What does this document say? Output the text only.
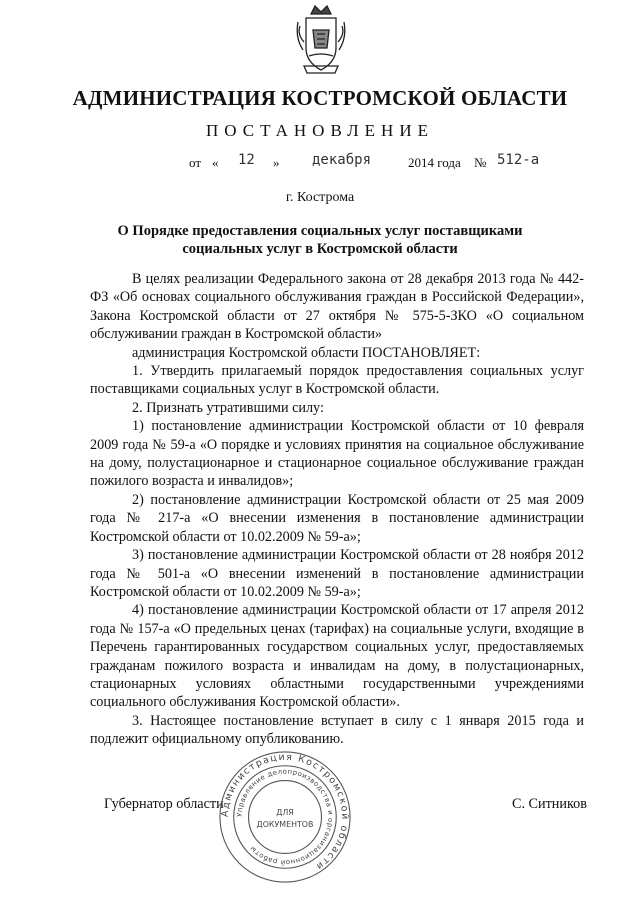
АДМИНИСТРАЦИЯ КОСТРОМСКОЙ ОБЛАСТИ
ПОСТАНОВЛЕНИЕ
от « 12 » декабря	2014 года № 512-а
г. Кострома
О Порядке предоставления социальных услуг поставщиками
социальных услуг в Костромской области

В целях реализации Федерального закона от 28 декабря 2013 года № 442-ФЗ «Об основах социального обслуживания граждан в Российской Федерации», Закона Костромской области от 27 октября № 575-5-ЗКО «О социальном обслуживании граждан в Костромской области»

администрация Костромской области ПОСТАНОВЛЯЕТ:

1. Утвердить прилагаемый порядок предоставления социальных услуг поставщиками социальных услуг в Костромской области.

2. Признать утратившими силу:

1) постановление администрации Костромской области от 10 февраля 2009 года № 59-а «О порядке и условиях принятия на социальное обслуживание на дому, полустационарное и стационарное социальное обслуживание граждан пожилого возраста и инвалидов»;

2) постановление администрации Костромской области от 25 мая 2009 года № 217-а «О внесении изменения в постановление администрации Костромской области от 10.02.2009 № 59-а»;

3) постановление администрации Костромской области от 28 ноября 2012 года № 501-а «О внесении изменений в постановление администрации Костромской области от 10.02.2009 № 59-а»;

4) постановление администрации Костромской области от 17 апреля 2012 года № 157-а «О предельных ценах (тарифах) на социальные услуги, входящие в Перечень гарантированных государством социальных услуг, предоставляемых гражданам пожилого возраста и инвалидам на дому, в полустационарных, стационарных условиях областными государственными учреждениями социального обслуживания Костромской области».

3. Настоящее постановление вступает в силу с 1 января 2015 года и подлежит официальному опубликованию.

Губернатор области	С. Ситников
Администрация Костромской области
Управление делопроизводства и организационной работы
ДЛЯ
ДОКУМЕНТОВ
